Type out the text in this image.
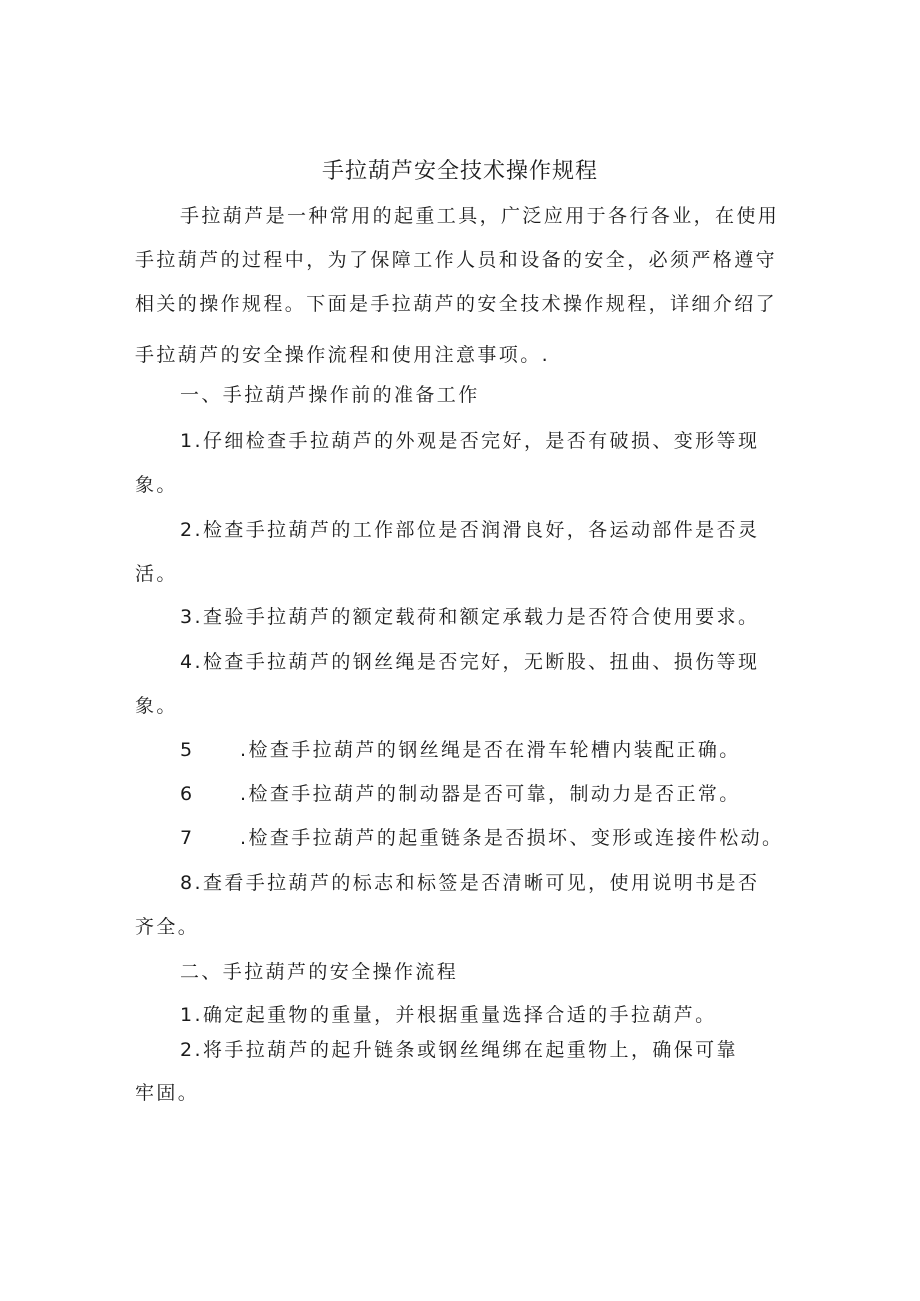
手拉葫芦安全技术操作规程

手拉葫芦是一种常用的起重工具，广泛应用于各行各业，在使用

手拉葫芦的过程中，为了保障工作人员和设备的安全，必须严格遵守

相关的操作规程。下面是手拉葫芦的安全技术操作规程，详细介绍了

手拉葫芦的安全操作流程和使用注意事项。.

一、手拉葫芦操作前的准备工作

1.仔细检查手拉葫芦的外观是否完好，是否有破损、变形等现

象。

2.检查手拉葫芦的工作部位是否润滑良好，各运动部件是否灵

活。

3.查验手拉葫芦的额定载荷和额定承载力是否符合使用要求。

4.检查手拉葫芦的钢丝绳是否完好，无断股、扭曲、损伤等现

象。

5 .检查手拉葫芦的钢丝绳是否在滑车轮槽内装配正确。

6 .检查手拉葫芦的制动器是否可靠，制动力是否正常。

7 .检查手拉葫芦的起重链条是否损坏、变形或连接件松动。

8.查看手拉葫芦的标志和标签是否清晰可见，使用说明书是否

齐全。

二、手拉葫芦的安全操作流程

1.确定起重物的重量，并根据重量选择合适的手拉葫芦。

2.将手拉葫芦的起升链条或钢丝绳绑在起重物上，确保可靠

牢固。
